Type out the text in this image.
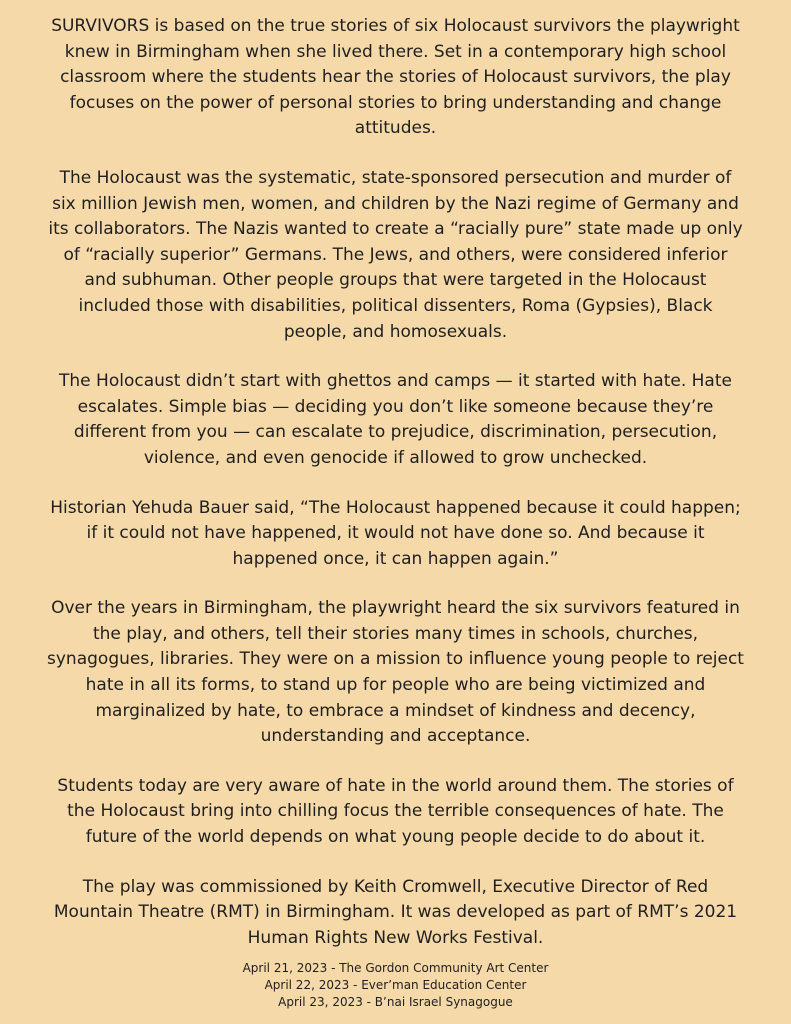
SURVIVORS is based on the true stories of six Holocaust survivors the playwright knew in Birmingham when she lived there. Set in a contemporary high school classroom where the students hear the stories of Holocaust survivors, the play focuses on the power of personal stories to bring understanding and change attitudes.

The Holocaust was the systematic, state-sponsored persecution and murder of six million Jewish men, women, and children by the Nazi regime of Germany and its collaborators. The Nazis wanted to create a “racially pure” state made up only of “racially superior” Germans. The Jews, and others, were considered inferior and subhuman. Other people groups that were targeted in the Holocaust included those with disabilities, political dissenters, Roma (Gypsies), Black people, and homosexuals.

The Holocaust didn’t start with ghettos and camps — it started with hate. Hate escalates. Simple bias — deciding you don’t like someone because they’re different from you — can escalate to prejudice, discrimination, persecution, violence, and even genocide if allowed to grow unchecked.

Historian Yehuda Bauer said, “The Holocaust happened because it could happen; if it could not have happened, it would not have done so. And because it happened once, it can happen again.”

Over the years in Birmingham, the playwright heard the six survivors featured in the play, and others, tell their stories many times in schools, churches, synagogues, libraries. They were on a mission to influence young people to reject hate in all its forms, to stand up for people who are being victimized and marginalized by hate, to embrace a mindset of kindness and decency, understanding and acceptance.

Students today are very aware of hate in the world around them. The stories of the Holocaust bring into chilling focus the terrible consequences of hate. The future of the world depends on what young people decide to do about it.

The play was commissioned by Keith Cromwell, Executive Director of Red Mountain Theatre (RMT) in Birmingham. It was developed as part of RMT’s 2021 Human Rights New Works Festival.

April 21, 2023 - The Gordon Community Art Center
April 22, 2023 - Ever’man Education Center
April 23, 2023 - B’nai Israel Synagogue
